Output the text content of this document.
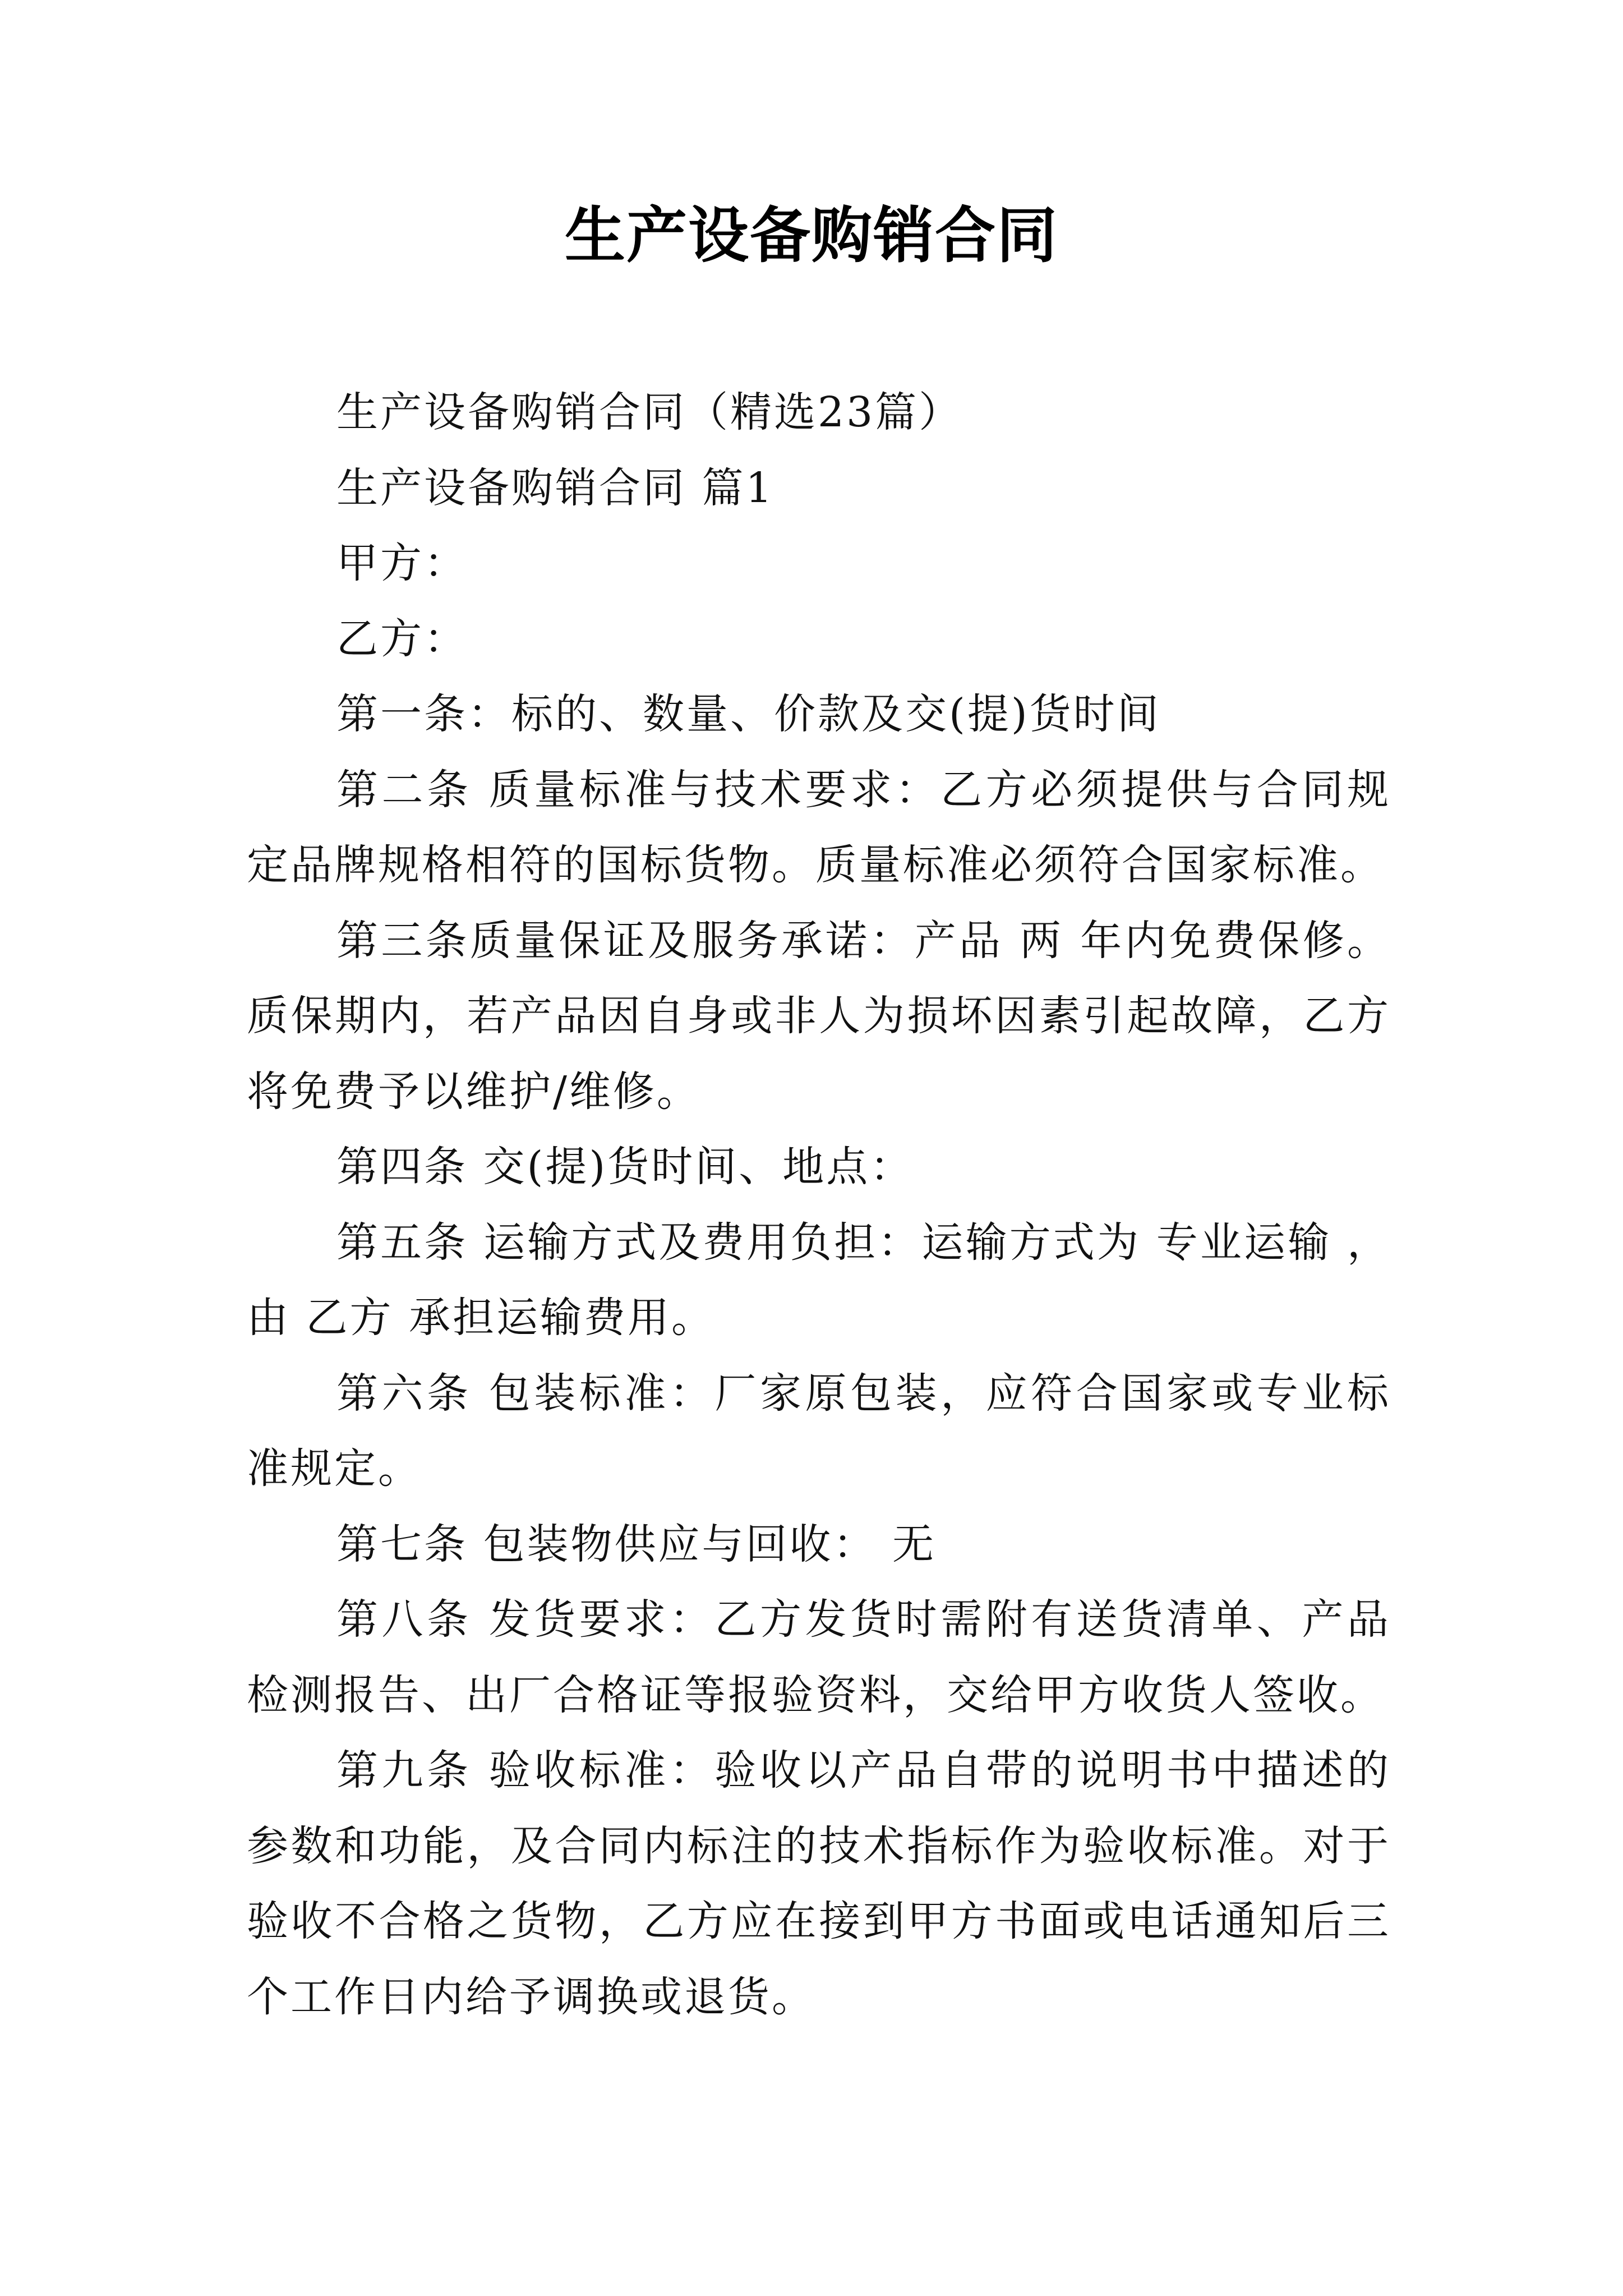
生产设备购销合同

生产设备购销合同（精选23篇）

生产设备购销合同 篇1

甲方：

乙方：

第一条：标的、数量、价款及交(提)货时间

第二条 质量标准与技术要求：乙方必须提供与合同规定品牌规格相符的国标货物。质量标准必须符合国家标准。

第三条质量保证及服务承诺：产品 两 年内免费保修。质保期内，若产品因自身或非人为损坏因素引起故障，乙方将免费予以维护/维修。

第四条 交(提)货时间、地点：

第五条 运输方式及费用负担：运输方式为 专业运输 ，由 乙方 承担运输费用。

第六条 包装标准：厂家原包装，应符合国家或专业标准规定。

第七条 包装物供应与回收： 无

第八条 发货要求：乙方发货时需附有送货清单、产品检测报告、出厂合格证等报验资料，交给甲方收货人签收。

第九条 验收标准：验收以产品自带的说明书中描述的参数和功能，及合同内标注的技术指标作为验收标准。对于验收不合格之货物，乙方应在接到甲方书面或电话通知后三个工作日内给予调换或退货。
